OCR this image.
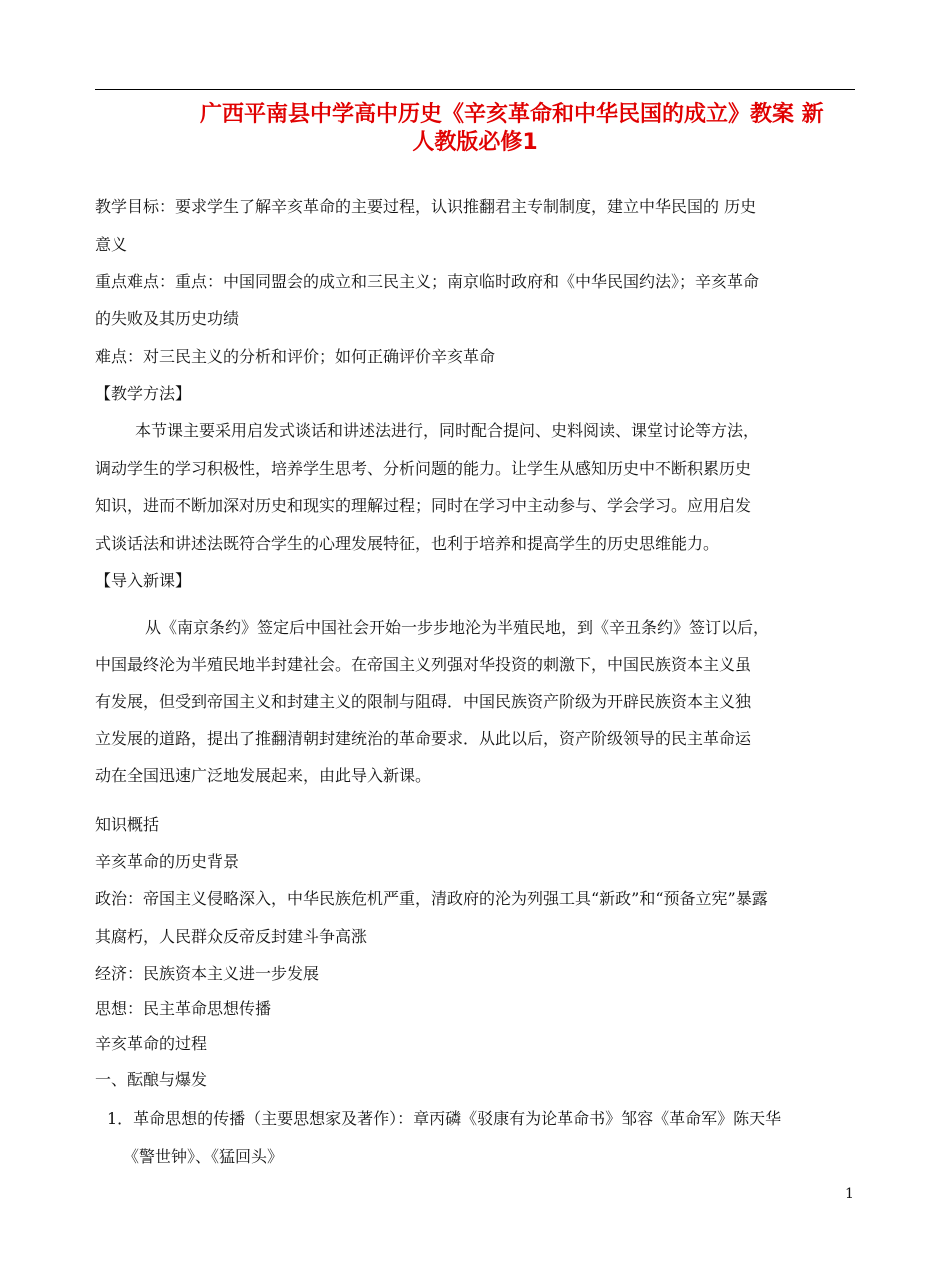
广西平南县中学高中历史《辛亥革命和中华民国的成立》教案 新
人教版必修1
教学目标：要求学生了解辛亥革命的主要过程，认识推翻君主专制制度，建立中华民国的 历史
意义
重点难点：重点：中国同盟会的成立和三民主义；南京临时政府和《中华民国约法》；辛亥革命
的失败及其历史功绩
难点：对三民主义的分析和评价；如何正确评价辛亥革命
【教学方法】
本节课主要采用启发式谈话和讲述法进行，同时配合提问、史料阅读、课堂讨论等方法，
调动学生的学习积极性，培养学生思考、分析问题的能力。让学生从感知历史中不断积累历史
知识，进而不断加深对历史和现实的理解过程；同时在学习中主动参与、学会学习。应用启发
式谈话法和讲述法既符合学生的心理发展特征，也利于培养和提高学生的历史思维能力。
【导入新课】
从《南京条约》签定后中国社会开始一步步地沦为半殖民地，到《辛丑条约》签订以后，
中国最终沦为半殖民地半封建社会。在帝国主义列强对华投资的刺激下，中国民族资本主义虽
有发展，但受到帝国主义和封建主义的限制与阻碍．中国民族资产阶级为开辟民族资本主义独
立发展的道路，提出了推翻清朝封建统治的革命要求．从此以后，资产阶级领导的民主革命运
动在全国迅速广泛地发展起来，由此导入新课。
知识概括
辛亥革命的历史背景
政治：帝国主义侵略深入，中华民族危机严重，清政府的沦为列强工具“新政”和“预备立宪”暴露
其腐朽，人民群众反帝反封建斗争高涨
经济：民族资本主义进一步发展
思想：民主革命思想传播
辛亥革命的过程
一、酝酿与爆发
1．革命思想的传播（主要思想家及著作）：章丙磷《驳康有为论革命书》邹容《革命军》陈天华
《警世钟》、《猛回头》
1
